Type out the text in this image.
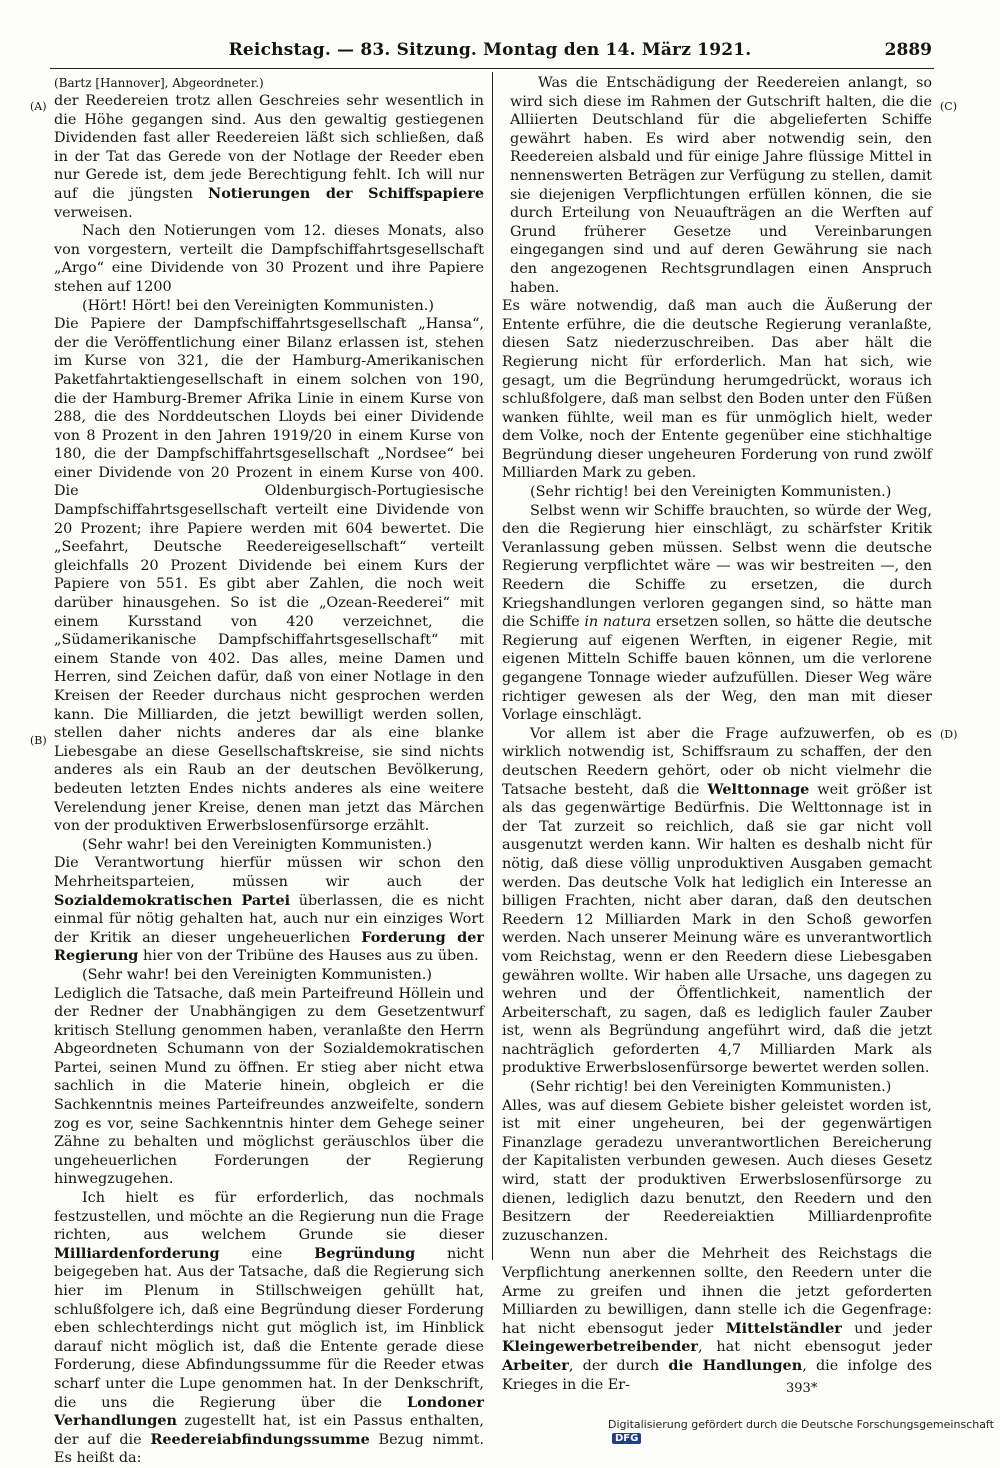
Reichstag. — 83. Sitzung. Montag den 14. März 1921.	2889
(A)
(B)
(C)
(D)

(Bartz [Hannover], Abgeordneter.)

der Reedereien trotz allen Geschreies sehr wesentlich in die Höhe gegangen sind. Aus den gewaltig gestiegenen Dividenden fast aller Reedereien läßt sich schließen, daß in der Tat das Gerede von der Notlage der Reeder eben nur Gerede ist, dem jede Berechtigung fehlt. Ich will nur auf die jüngsten Notierungen der Schiffspapiere verweisen.

Nach den Notierungen vom 12. dieses Monats, also von vorgestern, verteilt die Dampfschiffahrtsgesellschaft „Argo“ eine Dividende von 30 Prozent und ihre Papiere stehen auf 1200

(Hört! Hört! bei den Vereinigten Kommunisten.)

Die Papiere der Dampfschiffahrtsgesellschaft „Hansa“, der die Veröffentlichung einer Bilanz erlassen ist, stehen im Kurse von 321, die der Hamburg-Amerikanischen Paketfahrtaktiengesellschaft in einem solchen von 190, die der Hamburg-Bremer Afrika Linie in einem Kurse von 288, die des Norddeutschen Lloyds bei einer Dividende von 8 Prozent in den Jahren 1919/20 in einem Kurse von 180, die der Dampfschiffahrtsgesellschaft „Nordsee“ bei einer Dividende von 20 Prozent in einem Kurse von 400. Die Oldenburgisch-Portugiesische Dampfschiffahrtsgesellschaft verteilt eine Dividende von 20 Prozent; ihre Papiere werden mit 604 bewertet. Die „Seefahrt, Deutsche Reedereigesellschaft“ verteilt gleichfalls 20 Prozent Dividende bei einem Kurs der Papiere von 551. Es gibt aber Zahlen, die noch weit darüber hinausgehen. So ist die „Ozean-Reederei“ mit einem Kursstand von 420 verzeichnet, die „Südamerikanische Dampfschiffahrtsgesellschaft“ mit einem Stande von 402. Das alles, meine Damen und Herren, sind Zeichen dafür, daß von einer Notlage in den Kreisen der Reeder durchaus nicht gesprochen werden kann. Die Milliarden, die jetzt bewilligt werden sollen, stellen daher nichts anderes dar als eine blanke Liebesgabe an diese Gesellschaftskreise, sie sind nichts anderes als ein Raub an der deutschen Bevölkerung, bedeuten letzten Endes nichts anderes als eine weitere Verelendung jener Kreise, denen man jetzt das Märchen von der produktiven Erwerbslosenfürsorge erzählt.

(Sehr wahr! bei den Vereinigten Kommunisten.)

Die Verantwortung hierfür müssen wir schon den Mehrheitsparteien, müssen wir auch der Sozialdemokratischen Partei überlassen, die es nicht einmal für nötig gehalten hat, auch nur ein einziges Wort der Kritik an dieser ungeheuerlichen Forderung der Regierung hier von der Tribüne des Hauses aus zu üben.

(Sehr wahr! bei den Vereinigten Kommunisten.)

Lediglich die Tatsache, daß mein Parteifreund Höllein und der Redner der Unabhängigen zu dem Gesetzentwurf kritisch Stellung genommen haben, veranlaßte den Herrn Abgeordneten Schumann von der Sozialdemokratischen Partei, seinen Mund zu öffnen. Er stieg aber nicht etwa sachlich in die Materie hinein, obgleich er die Sachkenntnis meines Parteifreundes anzweifelte, sondern zog es vor, seine Sachkenntnis hinter dem Gehege seiner Zähne zu behalten und möglichst geräuschlos über die ungeheuerlichen Forderungen der Regierung hinwegzugehen.

Ich hielt es für erforderlich, das nochmals festzustellen, und möchte an die Regierung nun die Frage richten, aus welchem Grunde sie dieser Milliardenforderung eine Begründung nicht beigegeben hat. Aus der Tatsache, daß die Regierung sich hier im Plenum in Stillschweigen gehüllt hat, schlußfolgere ich, daß eine Begründung dieser Forderung eben schlechterdings nicht gut möglich ist, im Hinblick darauf nicht möglich ist, daß die Entente gerade diese Forderung, diese Abfindungssumme für die Reeder etwas scharf unter die Lupe genommen hat. In der Denkschrift, die uns die Regierung über die Londoner Verhandlungen zugestellt hat, ist ein Passus enthalten, der auf die Reedereiabfindungssumme Bezug nimmt. Es heißt da:

Was die Entschädigung der Reedereien anlangt, so wird sich diese im Rahmen der Gutschrift halten, die die Alliierten Deutschland für die abgelieferten Schiffe gewährt haben. Es wird aber notwendig sein, den Reedereien alsbald und für einige Jahre flüssige Mittel in nennenswerten Beträgen zur Verfügung zu stellen, damit sie diejenigen Verpflichtungen erfüllen können, die sie durch Erteilung von Neuaufträgen an die Werften auf Grund früherer Gesetze und Vereinbarungen eingegangen sind und auf deren Gewährung sie nach den angezogenen Rechtsgrundlagen einen Anspruch haben.

Es wäre notwendig, daß man auch die Äußerung der Entente erführe, die die deutsche Regierung veranlaßte, diesen Satz niederzuschreiben. Das aber hält die Regierung nicht für erforderlich. Man hat sich, wie gesagt, um die Begründung herumgedrückt, woraus ich schlußfolgere, daß man selbst den Boden unter den Füßen wanken fühlte, weil man es für unmöglich hielt, weder dem Volke, noch der Entente gegenüber eine stichhaltige Begründung dieser ungeheuren Forderung von rund zwölf Milliarden Mark zu geben.

(Sehr richtig! bei den Vereinigten Kommunisten.)

Selbst wenn wir Schiffe brauchten, so würde der Weg, den die Regierung hier einschlägt, zu schärfster Kritik Veranlassung geben müssen. Selbst wenn die deutsche Regierung verpflichtet wäre — was wir bestreiten —, den Reedern die Schiffe zu ersetzen, die durch Kriegshandlungen verloren gegangen sind, so hätte man die Schiffe in natura ersetzen sollen, so hätte die deutsche Regierung auf eigenen Werften, in eigener Regie, mit eigenen Mitteln Schiffe bauen können, um die verlorene gegangene Tonnage wieder aufzufüllen. Dieser Weg wäre richtiger gewesen als der Weg, den man mit dieser Vorlage einschlägt.

Vor allem ist aber die Frage aufzuwerfen, ob es wirklich notwendig ist, Schiffsraum zu schaffen, der den deutschen Reedern gehört, oder ob nicht vielmehr die Tatsache besteht, daß die Welttonnage weit größer ist als das gegenwärtige Bedürfnis. Die Welttonnage ist in der Tat zurzeit so reichlich, daß sie gar nicht voll ausgenutzt werden kann. Wir halten es deshalb nicht für nötig, daß diese völlig unproduktiven Ausgaben gemacht werden. Das deutsche Volk hat lediglich ein Interesse an billigen Frachten, nicht aber daran, daß den deutschen Reedern 12 Milliarden Mark in den Schoß geworfen werden. Nach unserer Meinung wäre es unverantwortlich vom Reichstag, wenn er den Reedern diese Liebesgaben gewähren wollte. Wir haben alle Ursache, uns dagegen zu wehren und der Öffentlichkeit, namentlich der Arbeiterschaft, zu sagen, daß es lediglich fauler Zauber ist, wenn als Begründung angeführt wird, daß die jetzt nachträglich geforderten 4,7 Milliarden Mark als produktive Erwerbslosenfürsorge bewertet werden sollen.

(Sehr richtig! bei den Vereinigten Kommunisten.)

Alles, was auf diesem Gebiete bisher geleistet worden ist, ist mit einer ungeheuren, bei der gegenwärtigen Finanzlage geradezu unverantwortlichen Bereicherung der Kapitalisten verbunden gewesen. Auch dieses Gesetz wird, statt der produktiven Erwerbslosenfürsorge zu dienen, lediglich dazu benutzt, den Reedern und den Besitzern der Reedereiaktien Milliardenprofite zuzuschanzen.

Wenn nun aber die Mehrheit des Reichstags die Verpflichtung anerkennen sollte, den Reedern unter die Arme zu greifen und ihnen die jetzt geforderten Milliarden zu bewilligen, dann stelle ich die Gegenfrage: hat nicht ebensogut jeder Mittelständler und jeder Kleingewerbetreibender, hat nicht ebensogut jeder Arbeiter, der durch die Handlungen, die infolge des Krieges in die Er-	393*
Digitalisierung gefördert durch die Deutsche Forschungsgemeinschaft DFG
